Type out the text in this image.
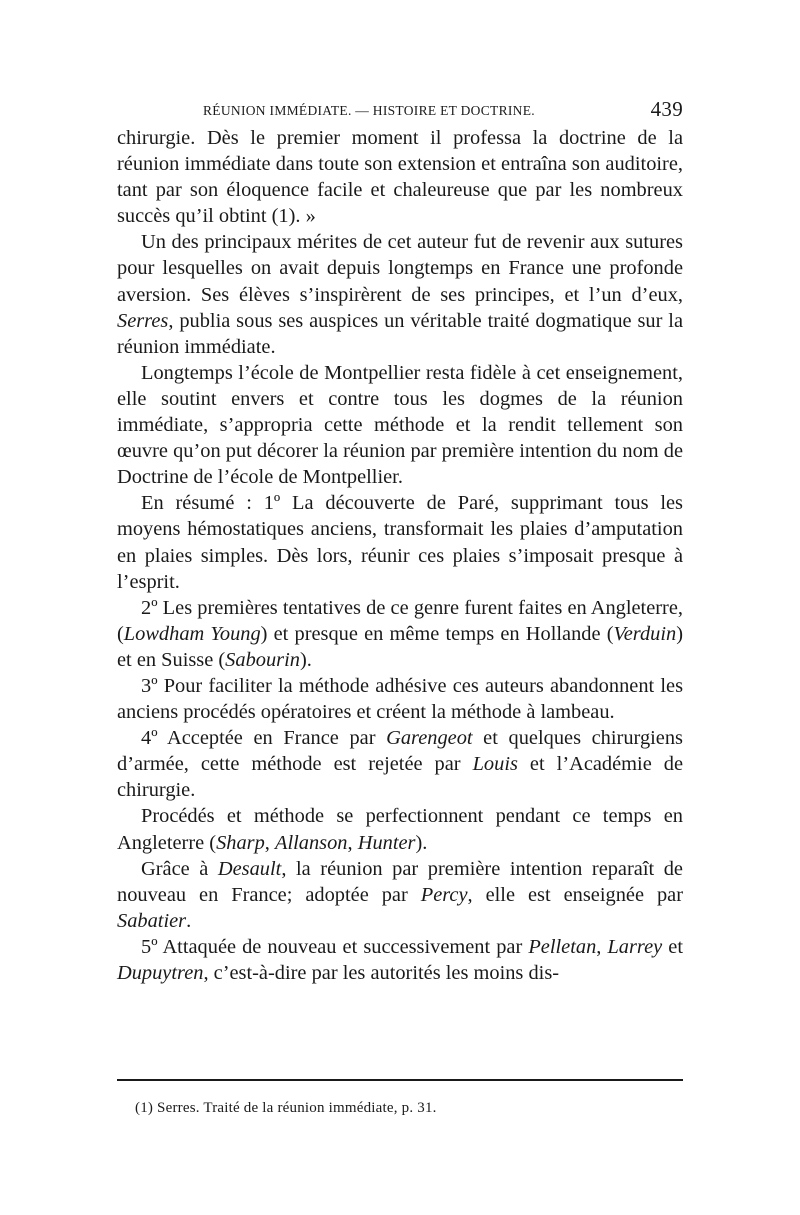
RÉUNION IMMÉDIATE. — HISTOIRE ET DOCTRINE.	439

chirurgie. Dès le premier moment il professa la doctrine de la réunion immédiate dans toute son extension et entraîna son auditoire, tant par son éloquence facile et chaleureuse que par les nombreux succès qu’il obtint (1). »

Un des principaux mérites de cet auteur fut de revenir aux sutures pour lesquelles on avait depuis longtemps en France une profonde aversion. Ses élèves s’inspirèrent de ses principes, et l’un d’eux, Serres, publia sous ses auspices un véritable traité dogmatique sur la réunion immédiate.

Longtemps l’école de Montpellier resta fidèle à cet enseignement, elle soutint envers et contre tous les dogmes de la réunion immédiate, s’appropria cette méthode et la rendit tellement son œuvre qu’on put décorer la réunion par première intention du nom de Doctrine de l’école de Montpellier.

En résumé : 1º La découverte de Paré, supprimant tous les moyens hémostatiques anciens, transformait les plaies d’amputation en plaies simples. Dès lors, réunir ces plaies s’imposait presque à l’esprit.

2º Les premières tentatives de ce genre furent faites en Angleterre, (Lowdham Young) et presque en même temps en Hollande (Verduin) et en Suisse (Sabourin).

3º Pour faciliter la méthode adhésive ces auteurs abandonnent les anciens procédés opératoires et créent la méthode à lambeau.

4º Acceptée en France par Garengeot et quelques chirurgiens d’armée, cette méthode est rejetée par Louis et l’Académie de chirurgie.

Procédés et méthode se perfectionnent pendant ce temps en Angleterre (Sharp, Allanson, Hunter).

Grâce à Desault, la réunion par première intention reparaît de nouveau en France; adoptée par Percy, elle est enseignée par Sabatier.

5º Attaquée de nouveau et successivement par Pelletan, Larrey et Dupuytren, c’est-à-dire par les autorités les moins dis-

(1) Serres. Traité de la réunion immédiate, p. 31.
